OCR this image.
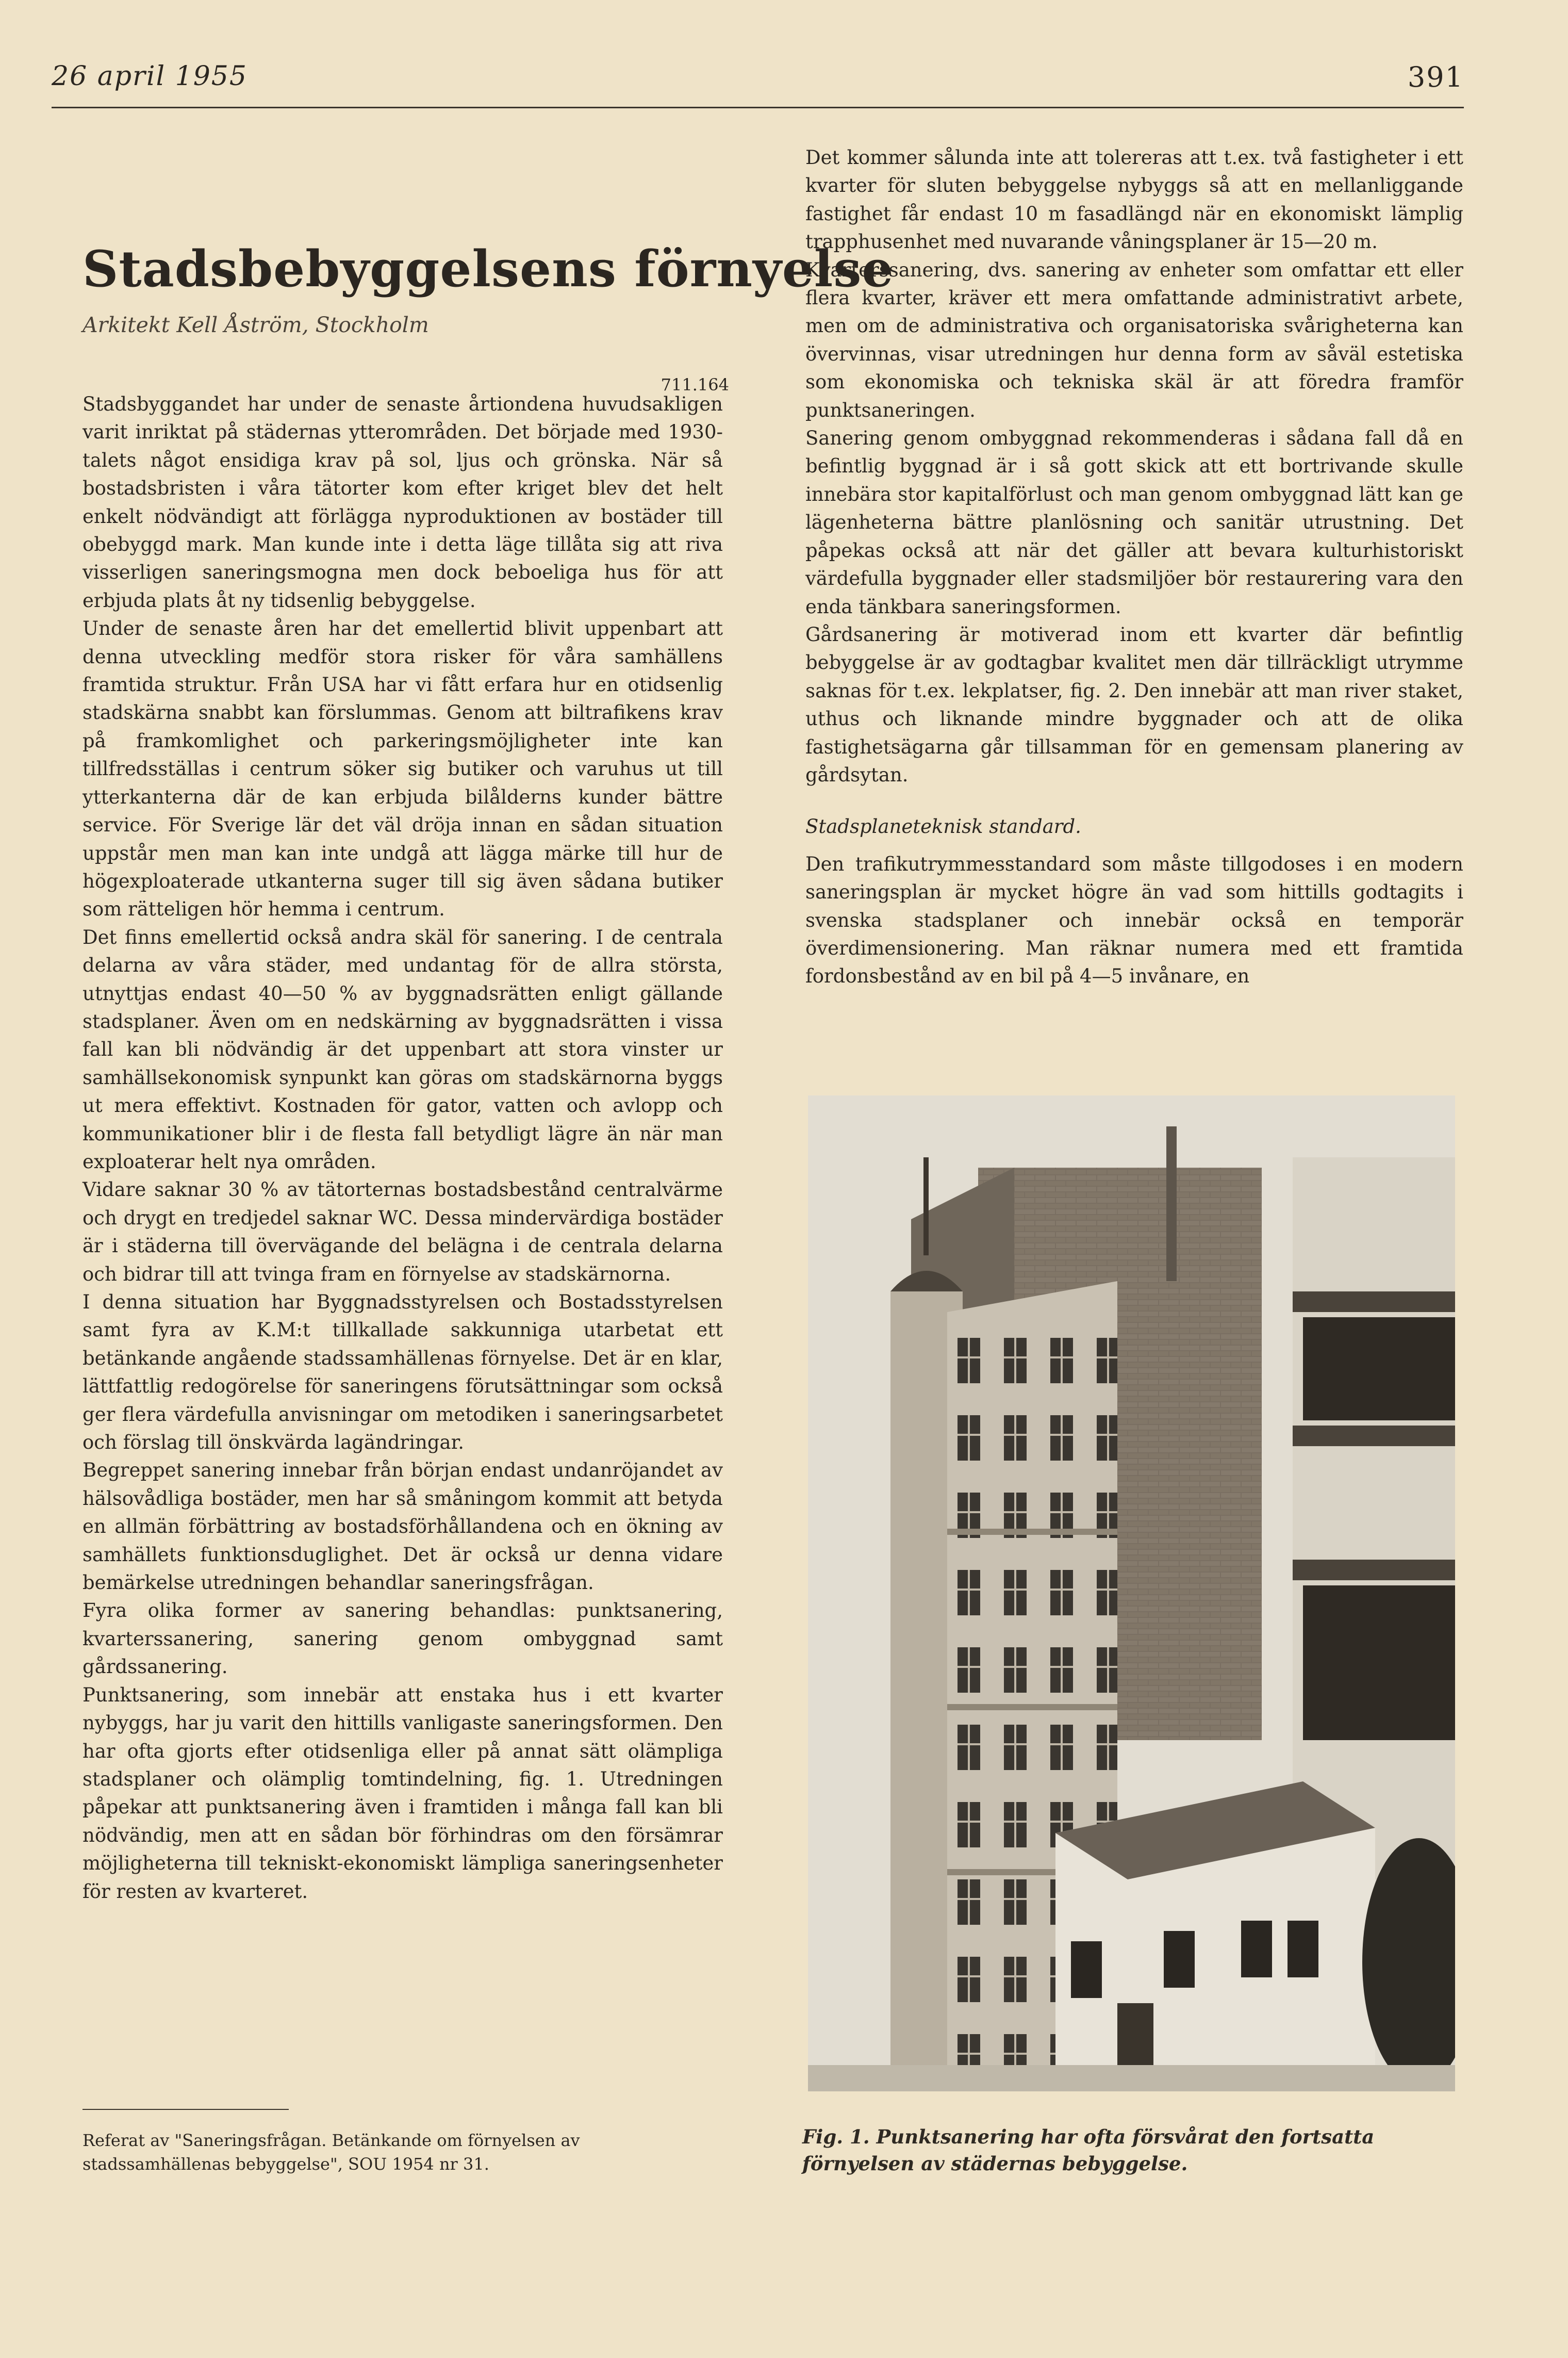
26 april 1955	391
Stadsbebyggelsens förnyelse
Arkitekt Kell Åström, Stockholm
711.164

Stadsbyggandet har under de senaste årtiondena huvudsakligen varit inriktat på städernas ytterområden. Det började med 1930-talets något ensidiga krav på sol, ljus och grönska. När så bostadsbristen i våra tätorter kom efter kriget blev det helt enkelt nödvändigt att förlägga nyproduktionen av bostäder till obebyggd mark. Man kunde inte i detta läge tillåta sig att riva visserligen saneringsmogna men dock beboeliga hus för att erbjuda plats åt ny tidsenlig bebyggelse.

Under de senaste åren har det emellertid blivit uppenbart att denna utveckling medför stora risker för våra samhällens framtida struktur. Från USA har vi fått erfara hur en otidsenlig stadskärna snabbt kan förslummas. Genom att biltrafikens krav på framkomlighet och parkeringsmöjligheter inte kan tillfredsställas i centrum söker sig butiker och varuhus ut till ytterkanterna där de kan erbjuda bilålderns kunder bättre service. För Sverige lär det väl dröja innan en sådan situation uppstår men man kan inte undgå att lägga märke till hur de högexploaterade utkanterna suger till sig även sådana butiker som rätteligen hör hemma i centrum.

Det finns emellertid också andra skäl för sanering. I de centrala delarna av våra städer, med undantag för de allra största, utnyttjas endast 40—50 % av byggnadsrätten enligt gällande stadsplaner. Även om en nedskärning av byggnadsrätten i vissa fall kan bli nödvändig är det uppenbart att stora vinster ur samhällsekonomisk synpunkt kan göras om stadskärnorna byggs ut mera effektivt. Kostnaden för gator, vatten och avlopp och kommunikationer blir i de flesta fall betydligt lägre än när man exploaterar helt nya områden.

Vidare saknar 30 % av tätorternas bostadsbestånd centralvärme och drygt en tredjedel saknar WC. Dessa mindervärdiga bostäder är i städerna till övervägande del belägna i de centrala delarna och bidrar till att tvinga fram en förnyelse av stadskärnorna.

I denna situation har Byggnadsstyrelsen och Bostadsstyrelsen samt fyra av K.M:t tillkallade sakkunniga utarbetat ett betänkande angående stadssamhällenas förnyelse. Det är en klar, lättfattlig redogörelse för saneringens förutsättningar som också ger flera värdefulla anvisningar om metodiken i saneringsarbetet och förslag till önskvärda lagändringar.

Begreppet sanering innebar från början endast undanröjandet av hälsovådliga bostäder, men har så småningom kommit att betyda en allmän förbättring av bostadsförhållandena och en ökning av samhällets funktionsduglighet. Det är också ur denna vidare bemärkelse utredningen behandlar saneringsfrågan.

Fyra olika former av sanering behandlas: punktsanering, kvarterssanering, sanering genom ombyggnad samt gårdssanering.

Punktsanering, som innebär att enstaka hus i ett kvarter nybyggs, har ju varit den hittills vanligaste saneringsformen. Den har ofta gjorts efter otidsenliga eller på annat sätt olämpliga stadsplaner och olämplig tomtindelning, fig. 1. Utredningen påpekar att punktsanering även i framtiden i många fall kan bli nödvändig, men att en sådan bör förhindras om den försämrar möjligheterna till tekniskt-ekonomiskt lämpliga saneringsenheter för resten av kvarteret.

Referat av "Saneringsfrågan. Betänkande om förnyelsen av stadssamhällenas bebyggelse", SOU 1954 nr 31.

Det kommer sålunda inte att tolereras att t.ex. två fastigheter i ett kvarter för sluten bebyggelse nybyggs så att en mellanliggande fastighet får endast 10 m fasadlängd när en ekonomiskt lämplig trapphusenhet med nuvarande våningsplaner är 15—20 m.

Kvarterssanering, dvs. sanering av enheter som omfattar ett eller flera kvarter, kräver ett mera omfattande administrativt arbete, men om de administrativa och organisatoriska svårigheterna kan övervinnas, visar utredningen hur denna form av såväl estetiska som ekonomiska och tekniska skäl är att föredra framför punktsaneringen.

Sanering genom ombyggnad rekommenderas i sådana fall då en befintlig byggnad är i så gott skick att ett bortrivande skulle innebära stor kapitalförlust och man genom ombyggnad lätt kan ge lägenheterna bättre planlösning och sanitär utrustning. Det påpekas också att när det gäller att bevara kulturhistoriskt värdefulla byggnader eller stadsmiljöer bör restaurering vara den enda tänkbara saneringsformen.

Gårdsanering är motiverad inom ett kvarter där befintlig bebyggelse är av godtagbar kvalitet men där tillräckligt utrymme saknas för t.ex. lekplatser, fig. 2. Den innebär att man river staket, uthus och liknande mindre byggnader och att de olika fastighetsägarna går tillsamman för en gemensam planering av gårdsytan.

Stadsplaneteknisk standard.

Den trafikutrymmesstandard som måste tillgodoses i en modern saneringsplan är mycket högre än vad som hittills godtagits i svenska stadsplaner och innebär också en temporär överdimensionering. Man räknar numera med ett framtida fordonsbestånd av en bil på 4—5 invånare, en

Fig. 1. Punktsanering har ofta försvårat den fortsatta förnyelsen av städernas bebyggelse.
